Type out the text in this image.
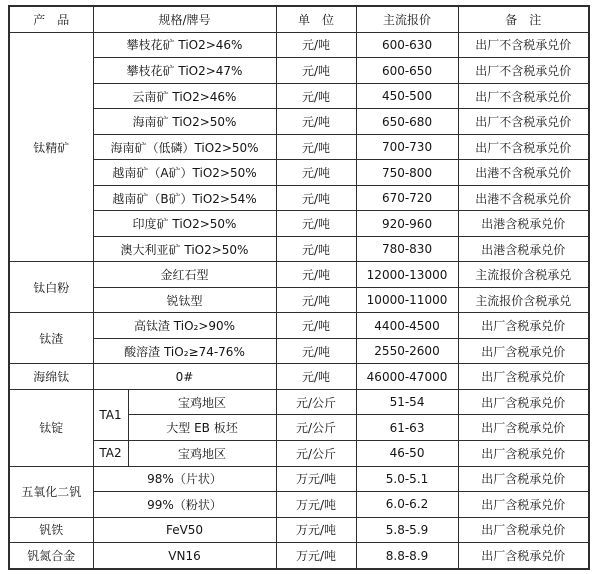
产　品	规格/牌号		单　位	主流报价	备　注
钛精矿	攀枝花矿 TiO2>46%		元/吨	600-630	出厂不含税承兑价
	攀枝花矿 TiO2>47%		元/吨	600-650	出厂不含税承兑价
	云南矿 TiO2>46%		元/吨	450-500	出厂不含税承兑价
	海南矿 TiO2>50%		元/吨	650-680	出厂不含税承兑价
	海南矿（低磷）TiO2>50%		元/吨	700-730	出厂不含税承兑价
	越南矿（A矿）TiO2>50%		元/吨	750-800	出港不含税承兑价
	越南矿（B矿）TiO2>54%		元/吨	670-720	出港不含税承兑价
	印度矿 TiO2>50%		元/吨	920-960	出港含税承兑价
	澳大利亚矿 TiO2>50%		元/吨	780-830	出港含税承兑价
钛白粉	金红石型		元/吨	12000-13000	主流报价含税承兑
	锐钛型		元/吨	10000-11000	主流报价含税承兑
钛渣	高钛渣 TiO₂>90%		元/吨	4400-4500	出厂含税承兑价
	酸溶渣 TiO₂≥74-76%		元/吨	2550-2600	出厂含税承兑价
海绵钛	0#		元/吨	46000-47000	出厂含税承兑价
钛锭	TA1	宝鸡地区	元/公斤	51-54	出厂含税承兑价
		大型 EB 板坯	元/公斤	61-63	出厂含税承兑价
	TA2	宝鸡地区	元/公斤	46-50	出厂含税承兑价
五氧化二钒	98%（片状）		万元/吨	5.0-5.1	出厂含税承兑价
	99%（粉状）		万元/吨	6.0-6.2	出厂含税承兑价
钒铁	FeV50		万元/吨	5.8-5.9	出厂含税承兑价
钒氮合金	VN16		万元/吨	8.8-8.9	出厂含税承兑价
